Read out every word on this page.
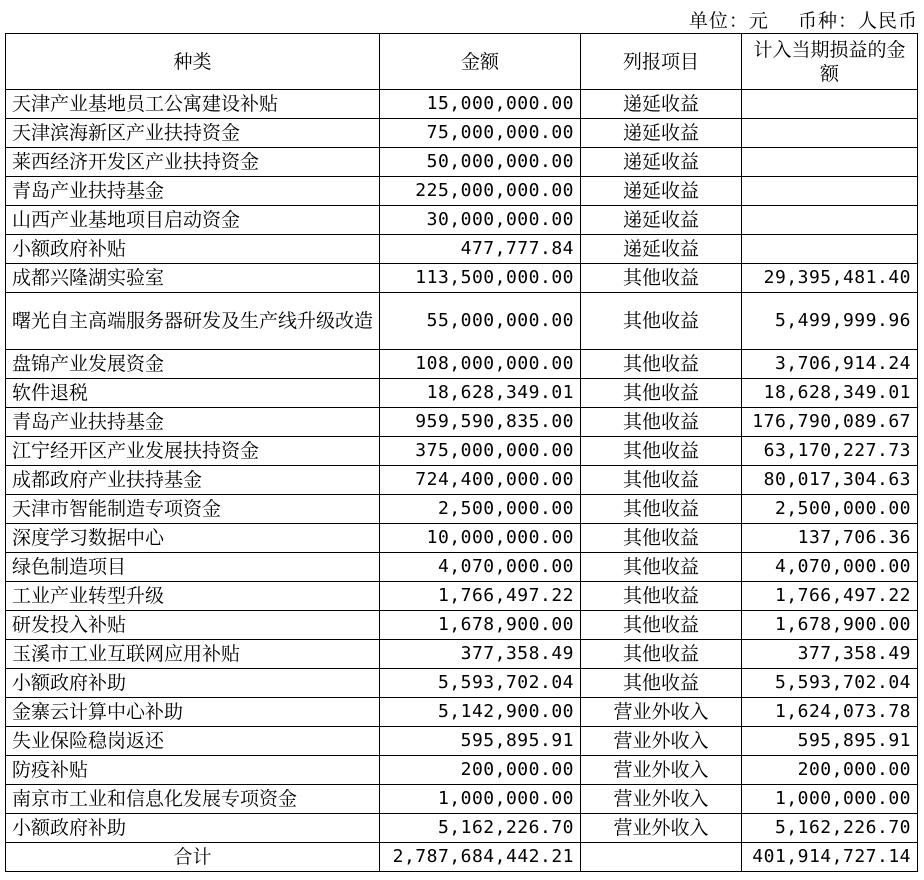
单位：元 币种：人民币
种类	金额	列报项目	计入当期损益的金额
天津产业基地员工公寓建设补贴	15,000,000.00	递延收益	
天津滨海新区产业扶持资金	75,000,000.00	递延收益	
莱西经济开发区产业扶持资金	50,000,000.00	递延收益	
青岛产业扶持基金	225,000,000.00	递延收益	
山西产业基地项目启动资金	30,000,000.00	递延收益	
小额政府补贴	477,777.84	递延收益	
成都兴隆湖实验室	113,500,000.00	其他收益	29,395,481.40
曙光自主高端服务器研发及生产线升级改造	55,000,000.00	其他收益	5,499,999.96
盘锦产业发展资金	108,000,000.00	其他收益	3,706,914.24
软件退税	18,628,349.01	其他收益	18,628,349.01
青岛产业扶持基金	959,590,835.00	其他收益	176,790,089.67
江宁经开区产业发展扶持资金	375,000,000.00	其他收益	63,170,227.73
成都政府产业扶持基金	724,400,000.00	其他收益	80,017,304.63
天津市智能制造专项资金	2,500,000.00	其他收益	2,500,000.00
深度学习数据中心	10,000,000.00	其他收益	137,706.36
绿色制造项目	4,070,000.00	其他收益	4,070,000.00
工业产业转型升级	1,766,497.22	其他收益	1,766,497.22
研发投入补贴	1,678,900.00	其他收益	1,678,900.00
玉溪市工业互联网应用补贴	377,358.49	其他收益	377,358.49
小额政府补助	5,593,702.04	其他收益	5,593,702.04
金寨云计算中心补助	5,142,900.00	营业外收入	1,624,073.78
失业保险稳岗返还	595,895.91	营业外收入	595,895.91
防疫补贴	200,000.00	营业外收入	200,000.00
南京市工业和信息化发展专项资金	1,000,000.00	营业外收入	1,000,000.00
小额政府补助	5,162,226.70	营业外收入	5,162,226.70
合计	2,787,684,442.21		401,914,727.14
